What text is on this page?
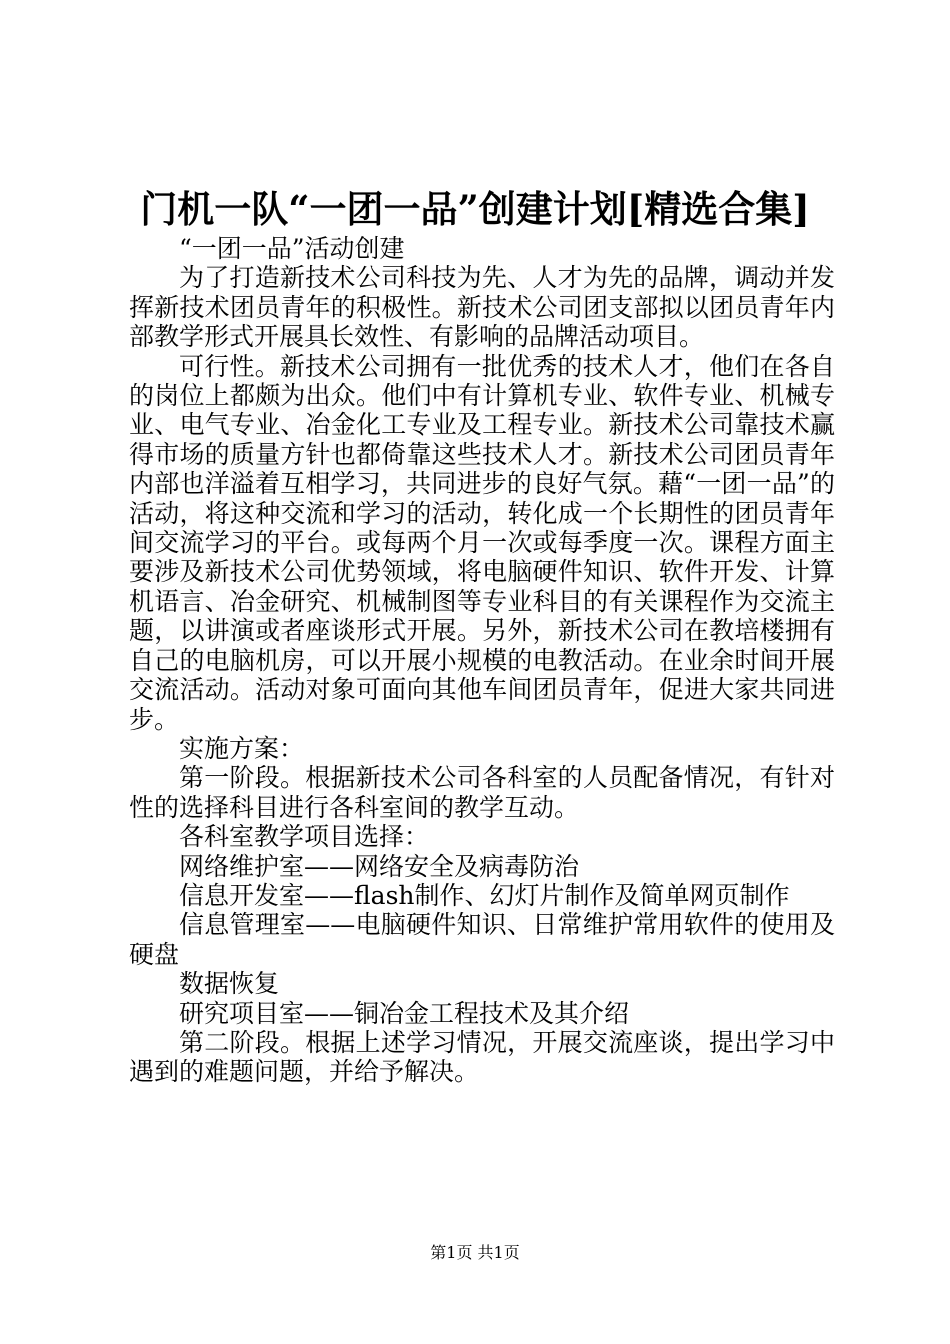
门机一队“一团一品”创建计划[精选合集]

“一团一品”活动创建

为了打造新技术公司科技为先、人才为先的品牌，调动并发挥新技术团员青年的积极性。新技术公司团支部拟以团员青年内部教学形式开展具长效性、有影响的品牌活动项目。

可行性。新技术公司拥有一批优秀的技术人才，他们在各自的岗位上都颇为出众。他们中有计算机专业、软件专业、机械专业、电气专业、冶金化工专业及工程专业。新技术公司靠技术赢得市场的质量方针也都倚靠这些技术人才。新技术公司团员青年内部也洋溢着互相学习，共同进步的良好气氛。藉“一团一品”的活动，将这种交流和学习的活动，转化成一个长期性的团员青年间交流学习的平台。或每两个月一次或每季度一次。课程方面主要涉及新技术公司优势领域，将电脑硬件知识、软件开发、计算机语言、冶金研究、机械制图等专业科目的有关课程作为交流主题，以讲演或者座谈形式开展。另外，新技术公司在教培楼拥有自己的电脑机房，可以开展小规模的电教活动。在业余时间开展交流活动。活动对象可面向其他车间团员青年，促进大家共同进步。

实施方案：

第一阶段。根据新技术公司各科室的人员配备情况，有针对性的选择科目进行各科室间的教学互动。

各科室教学项目选择：

网络维护室——网络安全及病毒防治

信息开发室——flash制作、幻灯片制作及简单网页制作

信息管理室——电脑硬件知识、日常维护常用软件的使用及硬盘

数据恢复

研究项目室——铜冶金工程技术及其介绍

第二阶段。根据上述学习情况，开展交流座谈，提出学习中遇到的难题问题，并给予解决。

第1页 共1页
